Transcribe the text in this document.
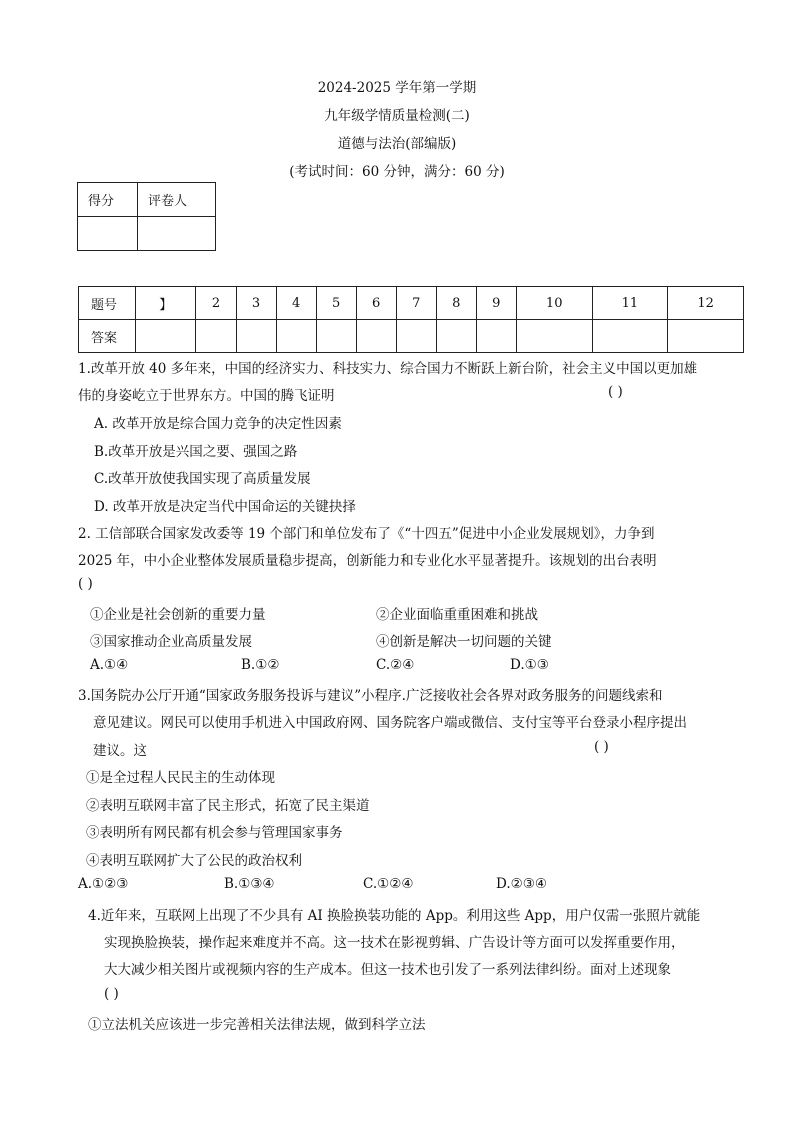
2024-2025 学年第一学期
九年级学情质量检测(二)
道德与法治(部编版)
(考试时间：60 分钟，满分：60 分)
得分	评卷人

题号	】	2	3	4	5	6	7	8	9	10	11	12
答案												
1.改革开放 40 多年来，中国的经济实力、科技实力、综合国力不断跃上新台阶，社会主义中国以更加雄
伟的身姿屹立于世界东方。中国的腾飞证明	( )
A. 改革开放是综合国力竞争的决定性因素
B.改革开放是兴国之要、强国之路
C.改革开放使我国实现了高质量发展
D. 改革开放是决定当代中国命运的关键抉择
2. 工信部联合国家发改委等 19 个部门和单位发布了《“十四五”促进中小企业发展规划》，力争到
2025 年，中小企业整体发展质量稳步提高，创新能力和专业化水平显著提升。该规划的出台表明
( )
①企业是社会创新的重要力量	②企业面临重重困难和挑战
③国家推动企业高质量发展	④创新是解决一切问题的关键
A.①④	B.①②	C.②④	D.①③
3.国务院办公厅开通“国家政务服务投诉与建议”小程序.广泛接收社会各界对政务服务的问题线索和
意见建议。网民可以使用手机进入中国政府网、国务院客户端或微信、支付宝等平台登录小程序提出
建议。这	( )
①是全过程人民民主的生动体现
②表明互联网丰富了民主形式，拓宽了民主渠道
③表明所有网民都有机会参与管理国家事务
④表明互联网扩大了公民的政治权利
A.①②③	B.①③④	C.①②④	D.②③④
4.近年来，互联网上出现了不少具有 AI 换脸换装功能的 App。利用这些 App，用户仅需一张照片就能
实现换脸换装，操作起来难度并不高。这一技术在影视剪辑、广告设计等方面可以发挥重要作用，
大大减少相关图片或视频内容的生产成本。但这一技术也引发了一系列法律纠纷。面对上述现象
( )
①立法机关应该进一步完善相关法律法规，做到科学立法
